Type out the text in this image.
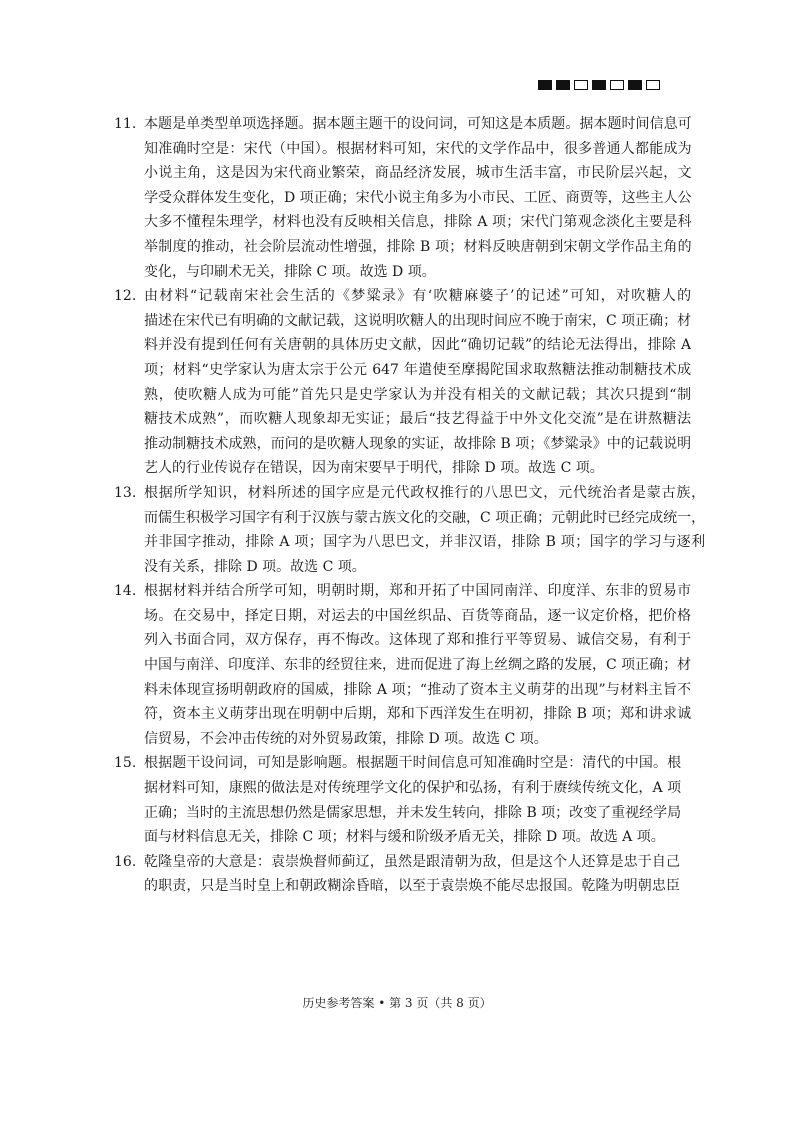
11. 本题是单类型单项选择题。据本题主题干的设问词，可知这是本质题。据本题时间信息可
知准确时空是：宋代（中国）。根据材料可知，宋代的文学作品中，很多普通人都能成为
小说主角，这是因为宋代商业繁荣，商品经济发展，城市生活丰富，市民阶层兴起，文
学受众群体发生变化，D 项正确；宋代小说主角多为小市民、工匠、商贾等，这些主人公
大多不懂程朱理学，材料也没有反映相关信息，排除 A 项；宋代门第观念淡化主要是科
举制度的推动，社会阶层流动性增强，排除 B 项；材料反映唐朝到宋朝文学作品主角的
变化，与印刷术无关，排除 C 项。故选 D 项。
12. 由材料“记载南宋社会生活的《梦粱录》有‘吹糖麻婆子’的记述”可知，对吹糖人的
描述在宋代已有明确的文献记载，这说明吹糖人的出现时间应不晚于南宋，C 项正确；材
料并没有提到任何有关唐朝的具体历史文献，因此“确切记载”的结论无法得出，排除 A
项；材料“史学家认为唐太宗于公元 647 年遣使至摩揭陀国求取熬糖法推动制糖技术成
熟，使吹糖人成为可能”首先只是史学家认为并没有相关的文献记载；其次只提到“制
糖技术成熟”，而吹糖人现象却无实证；最后“技艺得益于中外文化交流”是在讲熬糖法
推动制糖技术成熟，而问的是吹糖人现象的实证，故排除 B 项；《梦粱录》中的记载说明
艺人的行业传说存在错误，因为南宋要早于明代，排除 D 项。故选 C 项。
13. 根据所学知识，材料所述的国字应是元代政权推行的八思巴文，元代统治者是蒙古族，
而儒生积极学习国字有利于汉族与蒙古族文化的交融，C 项正确；元朝此时已经完成统一，
并非国字推动，排除 A 项；国字为八思巴文，并非汉语，排除 B 项；国字的学习与逐利
没有关系，排除 D 项。故选 C 项。
14. 根据材料并结合所学可知，明朝时期，郑和开拓了中国同南洋、印度洋、东非的贸易市
场。在交易中，择定日期，对运去的中国丝织品、百货等商品，逐一议定价格，把价格
列入书面合同，双方保存，再不悔改。这体现了郑和推行平等贸易、诚信交易，有利于
中国与南洋、印度洋、东非的经贸往来，进而促进了海上丝绸之路的发展，C 项正确；材
料未体现宣扬明朝政府的国威，排除 A 项；“推动了资本主义萌芽的出现”与材料主旨不
符，资本主义萌芽出现在明朝中后期，郑和下西洋发生在明初，排除 B 项；郑和讲求诚
信贸易，不会冲击传统的对外贸易政策，排除 D 项。故选 C 项。
15. 根据题干设问词，可知是影响题。根据题干时间信息可知准确时空是：清代的中国。根
据材料可知，康熙的做法是对传统理学文化的保护和弘扬，有利于赓续传统文化，A 项
正确；当时的主流思想仍然是儒家思想，并未发生转向，排除 B 项；改变了重视经学局
面与材料信息无关，排除 C 项；材料与缓和阶级矛盾无关，排除 D 项。故选 A 项。
16. 乾隆皇帝的大意是：袁崇焕督师蓟辽，虽然是跟清朝为敌，但是这个人还算是忠于自己
的职责，只是当时皇上和朝政糊涂昏暗，以至于袁崇焕不能尽忠报国。乾隆为明朝忠臣
历史参考答案 • 第 3 页（共 8 页）
